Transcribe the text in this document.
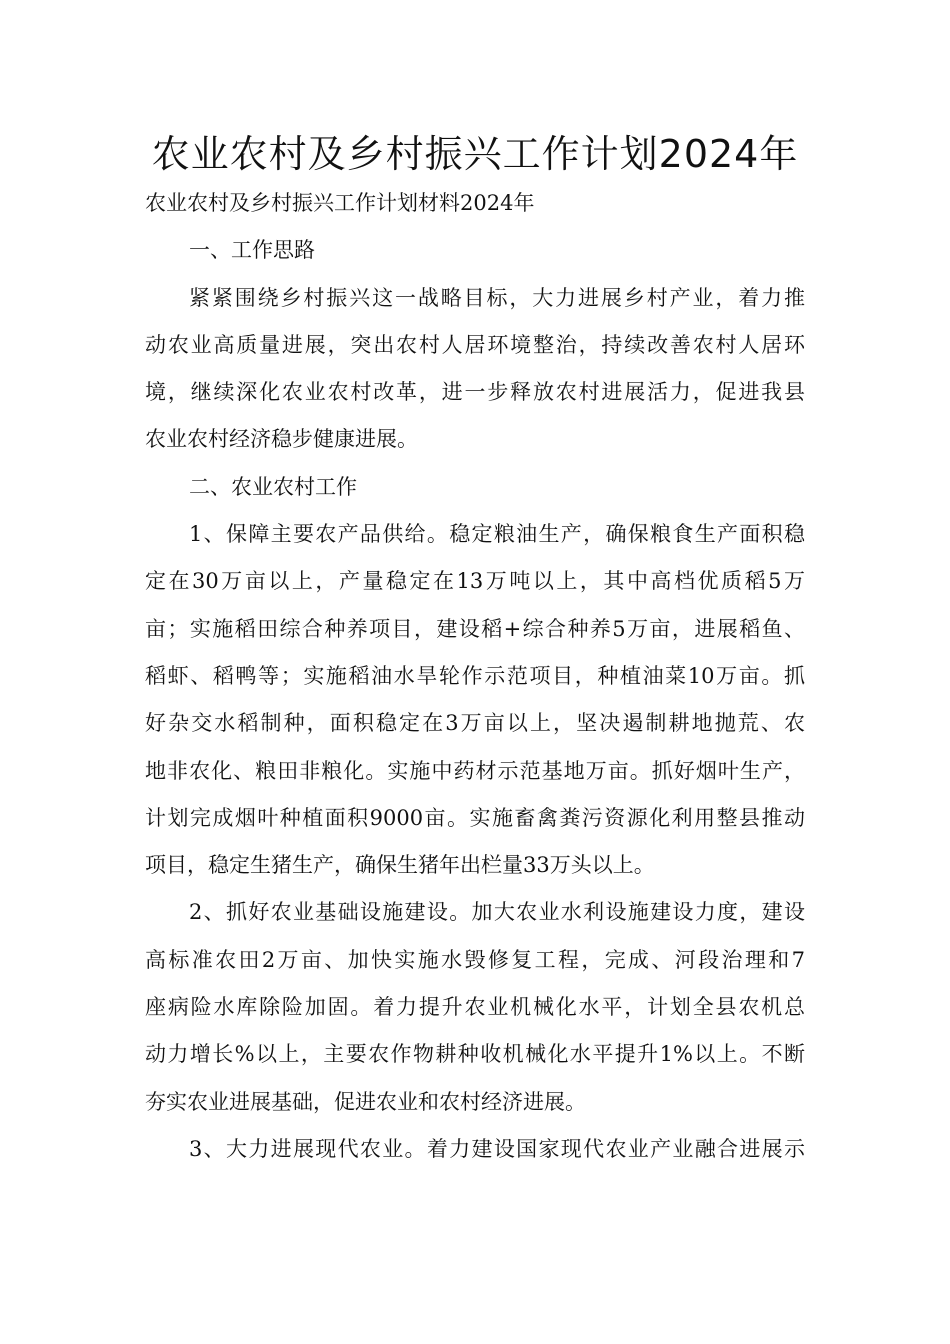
农业农村及乡村振兴工作计划2024年
农业农村及乡村振兴工作计划材料2024年
一、工作思路
紧紧围绕乡村振兴这一战略目标，大力进展乡村产业，着力推
动农业高质量进展，突出农村人居环境整治，持续改善农村人居环
境，继续深化农业农村改革，进一步释放农村进展活力，促进我县
农业农村经济稳步健康进展。
二、农业农村工作
1、保障主要农产品供给。稳定粮油生产，确保粮食生产面积稳
定在30万亩以上，产量稳定在13万吨以上，其中高档优质稻5万
亩；实施稻田综合种养项目，建设稻+综合种养5万亩，进展稻鱼、
稻虾、稻鸭等；实施稻油水旱轮作示范项目，种植油菜10万亩。抓
好杂交水稻制种，面积稳定在3万亩以上，坚决遏制耕地抛荒、农
地非农化、粮田非粮化。实施中药材示范基地万亩。抓好烟叶生产，
计划完成烟叶种植面积9000亩。实施畜禽粪污资源化利用整县推动
项目，稳定生猪生产，确保生猪年出栏量33万头以上。
2、抓好农业基础设施建设。加大农业水利设施建设力度，建设
高标准农田2万亩、加快实施水毁修复工程，完成、河段治理和7
座病险水库除险加固。着力提升农业机械化水平，计划全县农机总
动力增长%以上，主要农作物耕种收机械化水平提升1%以上。不断
夯实农业进展基础，促进农业和农村经济进展。
3、大力进展现代农业。着力建设国家现代农业产业融合进展示
